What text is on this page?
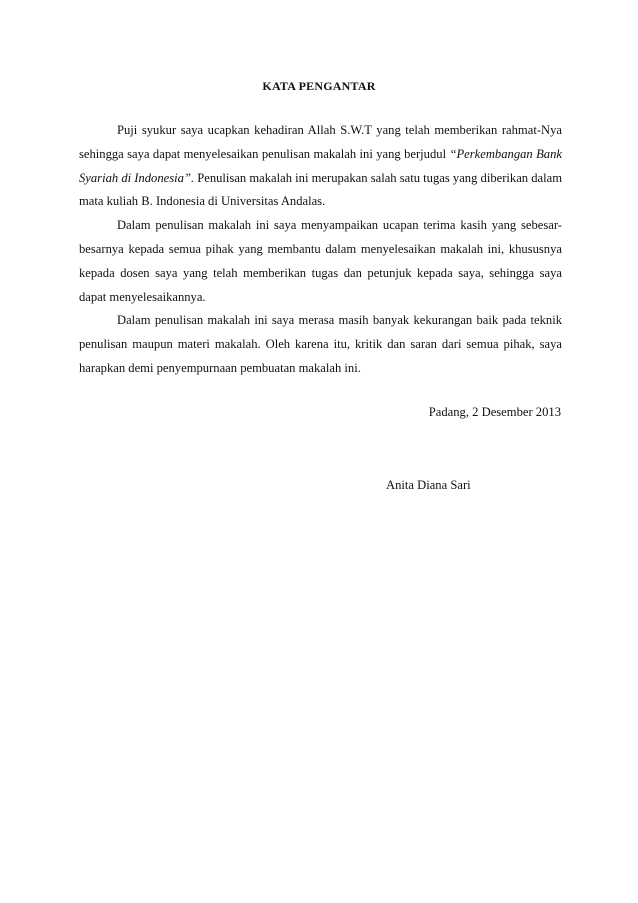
KATA PENGANTAR

Puji syukur saya ucapkan kehadiran Allah S.W.T yang telah memberikan rahmat-Nya sehingga saya dapat menyelesaikan penulisan makalah ini yang berjudul “Perkembangan Bank Syariah di Indonesia”. Penulisan makalah ini merupakan salah satu tugas yang diberikan dalam mata kuliah B. Indonesia di Universitas Andalas.

Dalam penulisan makalah ini saya menyampaikan ucapan terima kasih yang sebesar-besarnya kepada semua pihak yang membantu dalam menyelesaikan makalah ini, khususnya kepada dosen saya yang telah memberikan tugas dan petunjuk kepada saya, sehingga saya dapat menyelesaikannya.

Dalam penulisan makalah ini saya merasa masih banyak kekurangan baik pada teknik penulisan maupun materi makalah. Oleh karena itu, kritik dan saran dari semua pihak, saya harapkan demi penyempurnaan pembuatan makalah ini.

Padang, 2 Desember 2013
Anita Diana Sari
